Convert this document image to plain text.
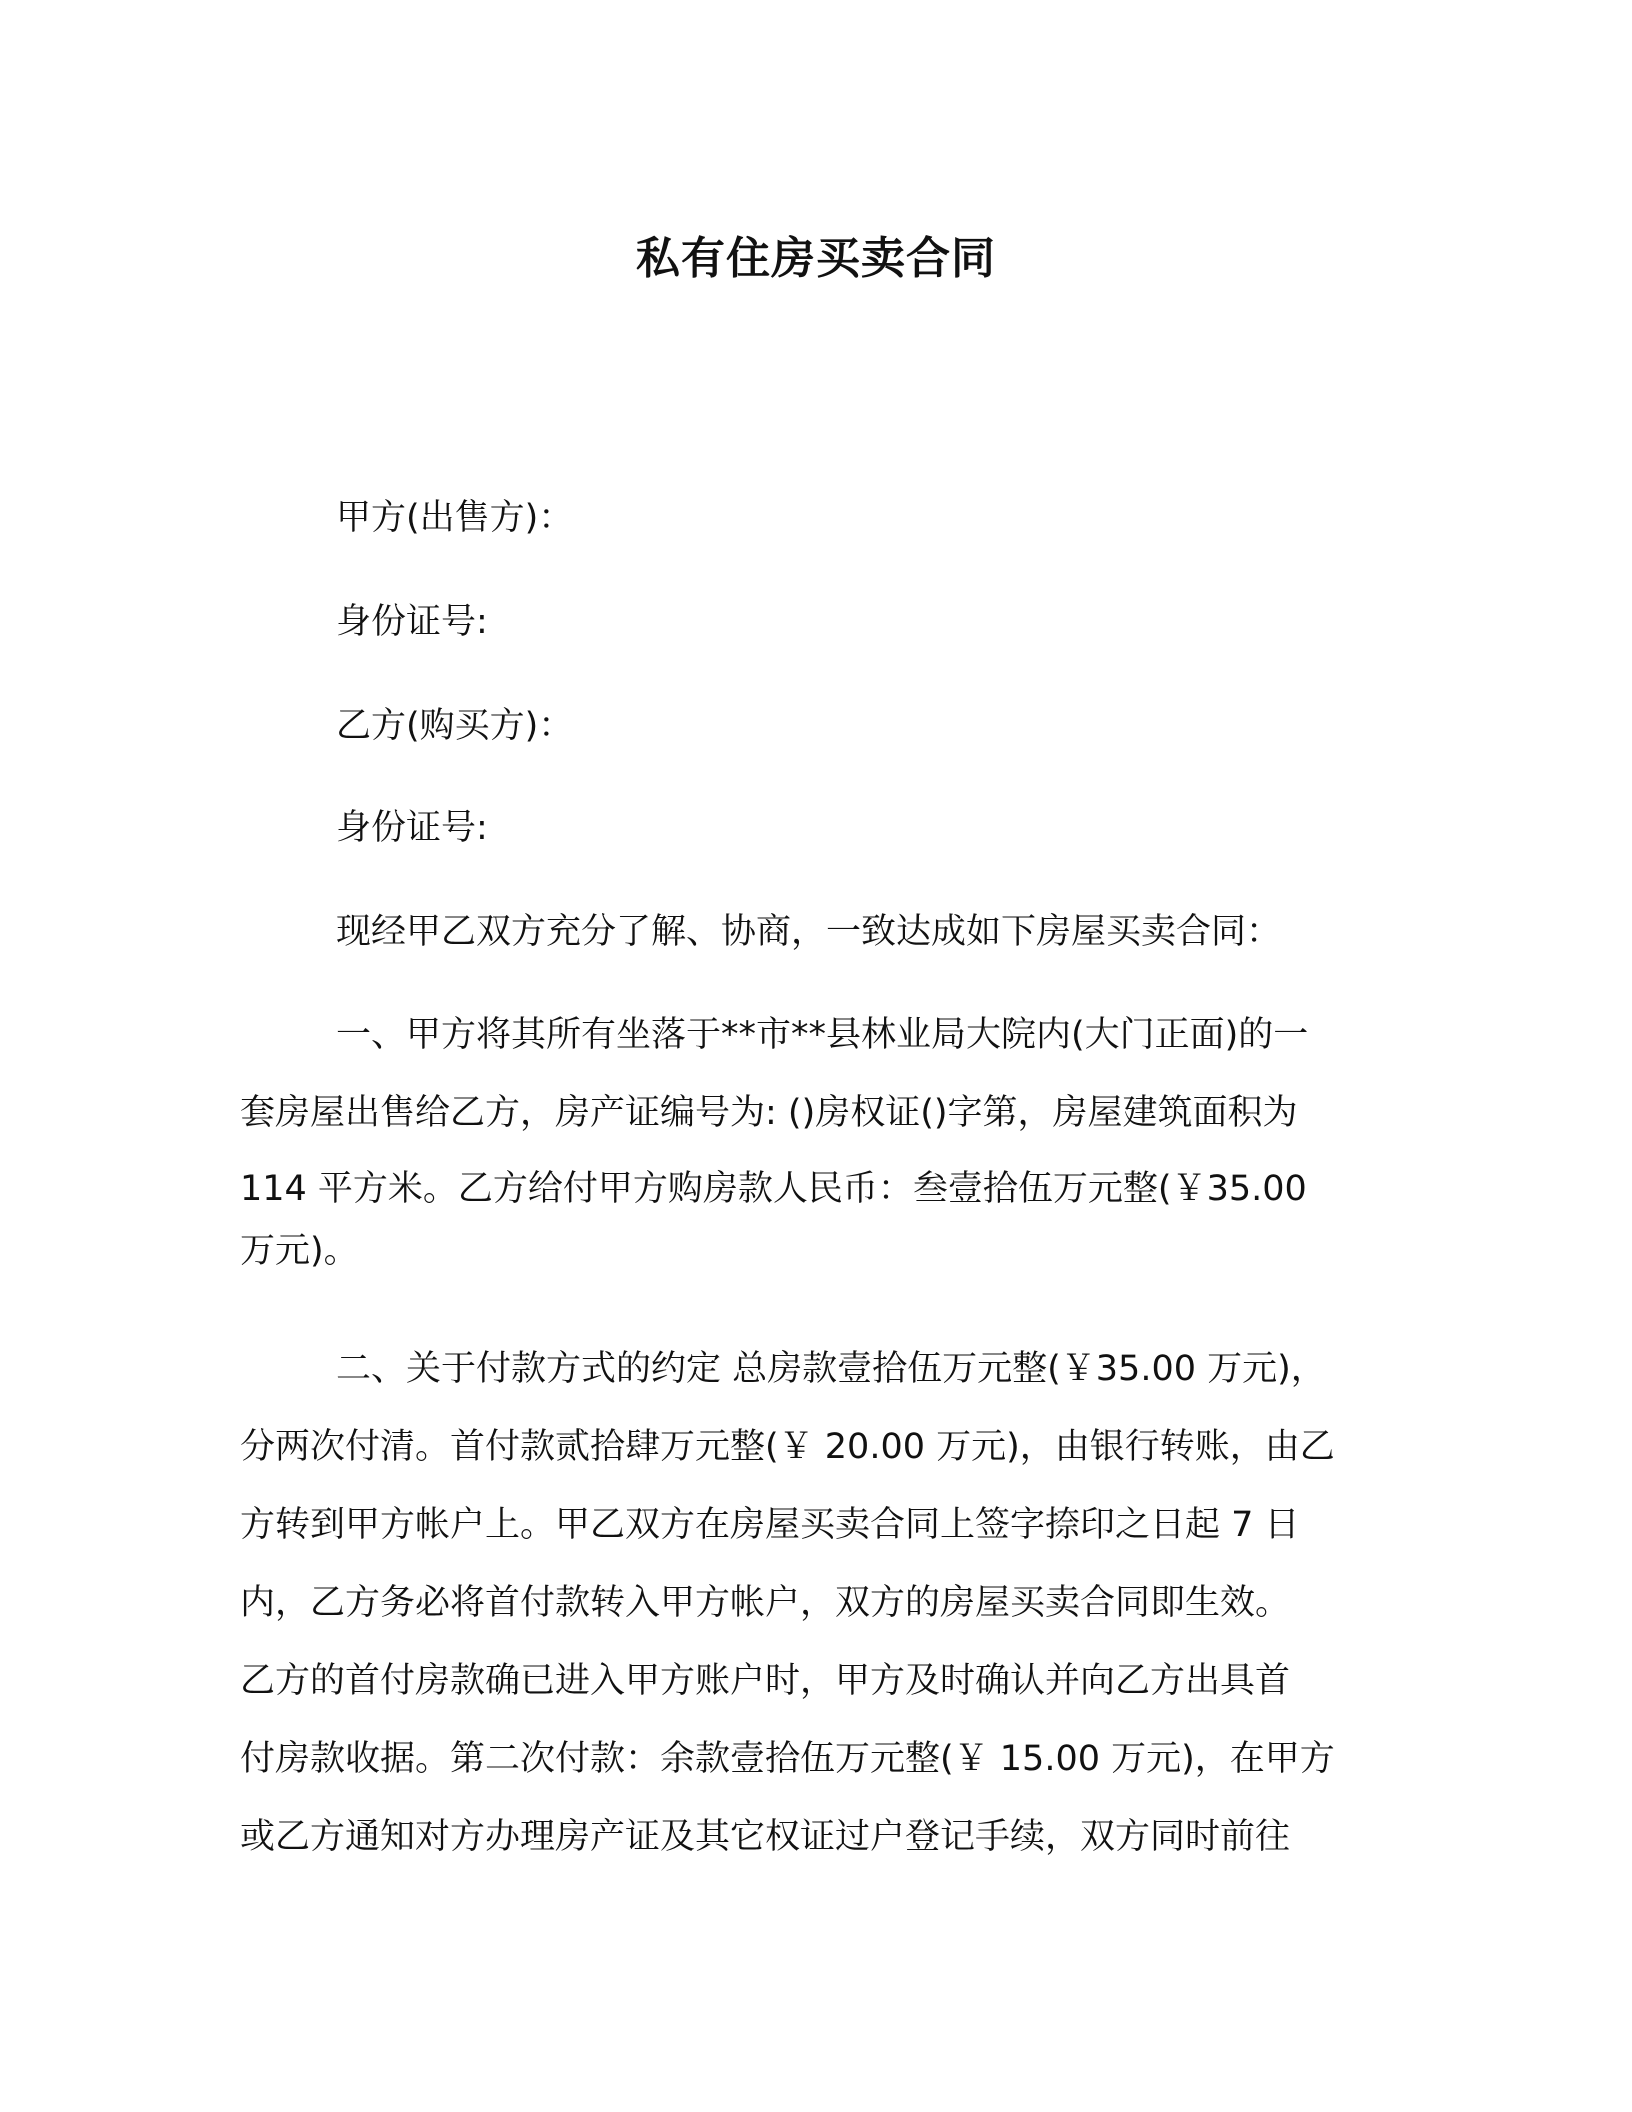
私有住房买卖合同
甲方(出售方)：
身份证号:
乙方(购买方)：
身份证号:
现经甲乙双方充分了解、协商，一致达成如下房屋买卖合同：
一、甲方将其所有坐落于**市**县林业局大院内(大门正面)的一
套房屋出售给乙方，房产证编号为: ()房权证()字第，房屋建筑面积为
114 平方米。乙方给付甲方购房款人民币：叁壹拾伍万元整(￥35.00
万元)。
二、关于付款方式的约定 总房款壹拾伍万元整(￥35.00 万元)，
分两次付清。首付款贰拾肆万元整(￥ 20.00 万元)，由银行转账，由乙
方转到甲方帐户上。甲乙双方在房屋买卖合同上签字捺印之日起 7 日
内，乙方务必将首付款转入甲方帐户，双方的房屋买卖合同即生效。
乙方的首付房款确已进入甲方账户时，甲方及时确认并向乙方出具首
付房款收据。第二次付款：余款壹拾伍万元整(￥ 15.00 万元)，在甲方
或乙方通知对方办理房产证及其它权证过户登记手续，双方同时前往
